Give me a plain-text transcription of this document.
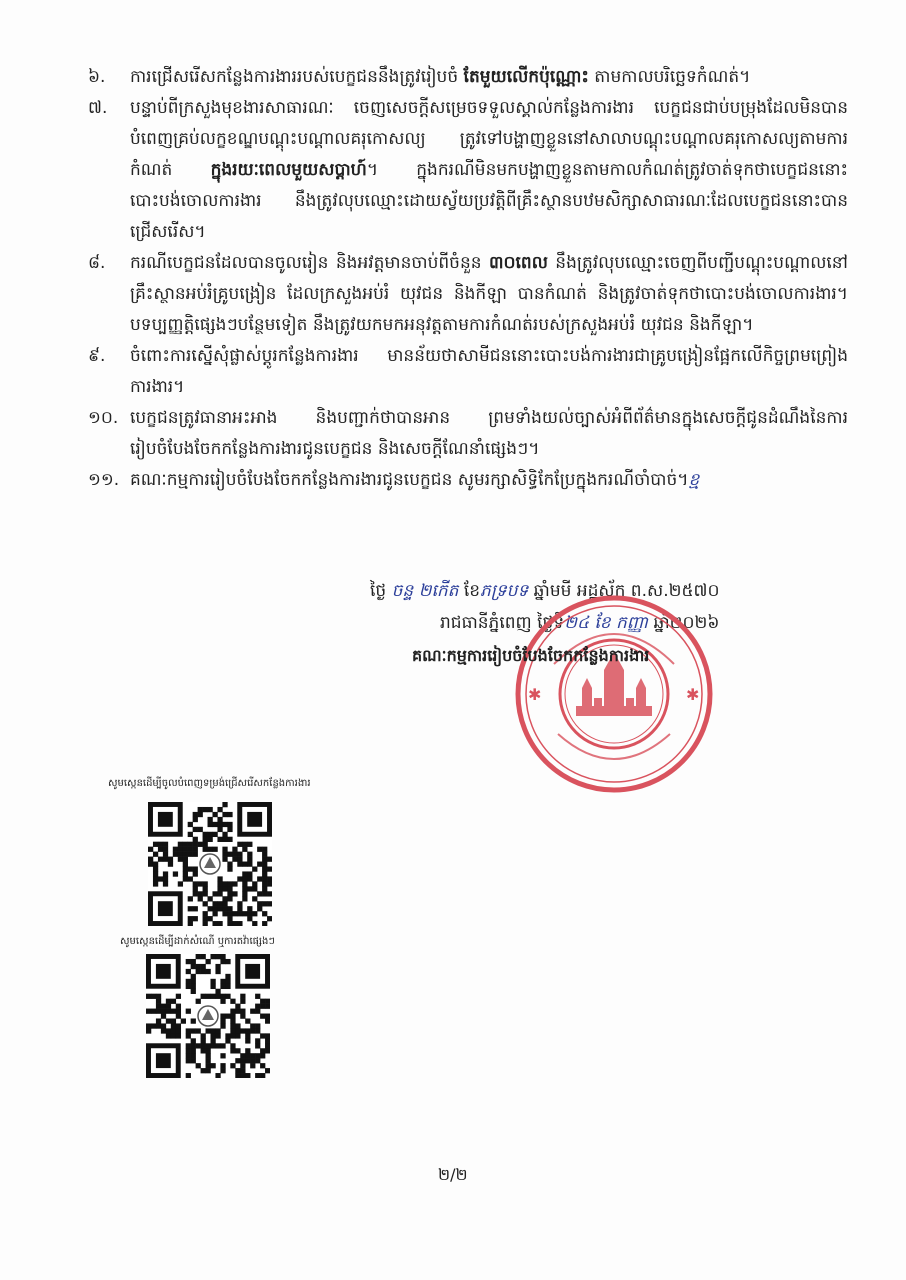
៦.	ការជ្រើសរើសកន្លែងការងាររបស់បេក្ខជននឹងត្រូវរៀបចំ តែមួយលើកប៉ុណ្ណោះ តាមកាលបរិច្ឆេទកំណត់។
៧.	បន្ទាប់ពីក្រសួងមុខងារសាធារណៈ ចេញសេចក្តីសម្រេចទទួលស្គាល់កន្លែងការងារ បេក្ខជនជាប់បម្រុងដែលមិនបានបំពេញគ្រប់លក្ខខណ្ឌបណ្តុះបណ្តាលគរុកោសល្យ ត្រូវទៅបង្ហាញខ្លួននៅសាលាបណ្តុះបណ្តាលគរុកោសល្យតាមការកំណត់ ក្នុងរយៈពេលមួយសប្តាហ៍។ ក្នុងករណីមិនមកបង្ហាញខ្លួនតាមកាលកំណត់ត្រូវចាត់ទុកថាបេក្ខជននោះបោះបង់ចោលការងារ នឹងត្រូវលុបឈ្មោះដោយស្វ័យប្រវត្តិពីគ្រឹះស្ថានបឋមសិក្សាសាធារណៈដែលបេក្ខជននោះបានជ្រើសរើស។
៨.	ករណីបេក្ខជនដែលបានចូលរៀន និងអវត្តមានចាប់ពីចំនួន ៣០ពេល នឹងត្រូវលុបឈ្មោះចេញពីបញ្ជីបណ្តុះបណ្តាលនៅគ្រឹះស្ថានអប់រំគ្រូបង្រៀន ដែលក្រសួងអប់រំ យុវជន និងកីឡា បានកំណត់ និងត្រូវចាត់ទុកថាបោះបង់ចោលការងារ។ បទប្បញ្ញត្តិផ្សេងៗបន្ថែមទៀត នឹងត្រូវយកមកអនុវត្តតាមការកំណត់របស់ក្រសួងអប់រំ យុវជន និងកីឡា។
៩.	ចំពោះការស្នើសុំផ្លាស់ប្តូរកន្លែងការងារ មានន័យថាសាមីជននោះបោះបង់ការងារជាគ្រូបង្រៀនផ្អែកលើកិច្ចព្រមព្រៀងការងារ។
១០. បេក្ខជនត្រូវធានាអះអាង និងបញ្ជាក់ថាបានអាន ព្រមទាំងយល់ច្បាស់អំពីព័ត៌មានក្នុងសេចក្តីជូនដំណឹងនៃការរៀបចំបែងចែកកន្លែងការងារជូនបេក្ខជន និងសេចក្តីណែនាំផ្សេងៗ។
១១. គណៈកម្មការរៀបចំបែងចែកកន្លែងការងារជូនបេក្ខជន សូមរក្សាសិទ្ធិកែប្រែក្នុងករណីចាំបាច់។ខ្ម
ថ្ងៃ ចន្ទ ២កើត ខែភទ្របទ ឆ្នាំមមី អដ្ឋស័ក ព.ស.២៥៧០
រាជធានីភ្នំពេញ ថ្ងៃទី២៤ ខែ កញ្ញា ឆ្នាំ២០២៦
✱	✱
គណៈកម្មការរៀបចំបែងចែកកន្លែងការងារ
សូមស្កេនដើម្បីចូលបំពេញទម្រង់ជ្រើសរើសកន្លែងការងារ
សូមស្កេនដើម្បីដាក់សំណើ ឬការតវ៉ាផ្សេងៗ
២/២
